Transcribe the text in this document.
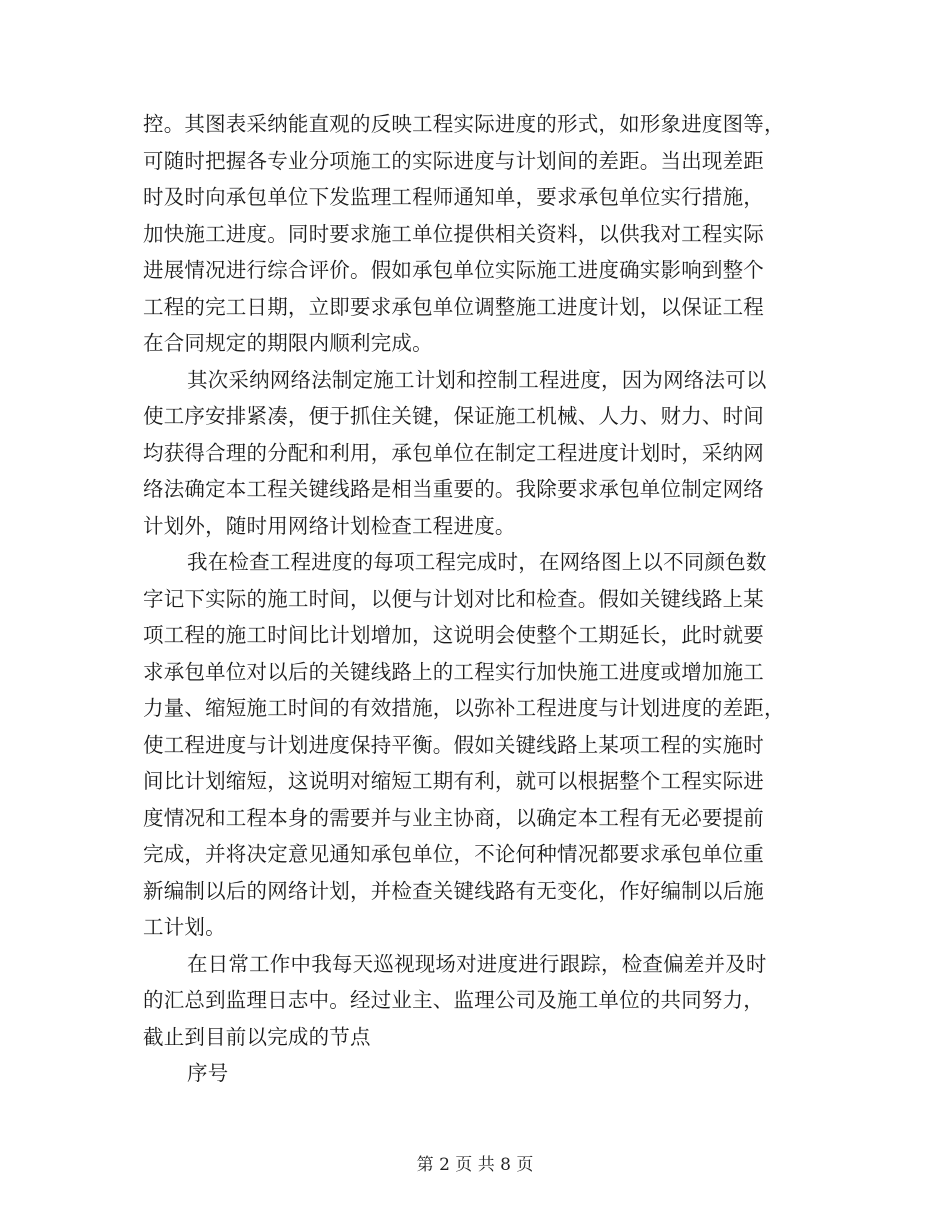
控。其图表采纳能直观的反映工程实际进度的形式，如形象进度图等，
可随时把握各专业分项施工的实际进度与计划间的差距。当出现差距
时及时向承包单位下发监理工程师通知单，要求承包单位实行措施，
加快施工进度。同时要求施工单位提供相关资料，以供我对工程实际
进展情况进行综合评价。假如承包单位实际施工进度确实影响到整个
工程的完工日期，立即要求承包单位调整施工进度计划，以保证工程
在合同规定的期限内顺利完成。
其次采纳网络法制定施工计划和控制工程进度，因为网络法可以
使工序安排紧凑，便于抓住关键，保证施工机械、人力、财力、时间
均获得合理的分配和利用，承包单位在制定工程进度计划时，采纳网
络法确定本工程关键线路是相当重要的。我除要求承包单位制定网络
计划外，随时用网络计划检查工程进度。
我在检查工程进度的每项工程完成时，在网络图上以不同颜色数
字记下实际的施工时间，以便与计划对比和检查。假如关键线路上某
项工程的施工时间比计划增加，这说明会使整个工期延长，此时就要
求承包单位对以后的关键线路上的工程实行加快施工进度或增加施工
力量、缩短施工时间的有效措施，以弥补工程进度与计划进度的差距，
使工程进度与计划进度保持平衡。假如关键线路上某项工程的实施时
间比计划缩短，这说明对缩短工期有利，就可以根据整个工程实际进
度情况和工程本身的需要并与业主协商，以确定本工程有无必要提前
完成，并将决定意见通知承包单位，不论何种情况都要求承包单位重
新编制以后的网络计划，并检查关键线路有无变化，作好编制以后施
工计划。
在日常工作中我每天巡视现场对进度进行跟踪，检查偏差并及时
的汇总到监理日志中。经过业主、监理公司及施工单位的共同努力，
截止到目前以完成的节点
序号
第 2 页 共 8 页
